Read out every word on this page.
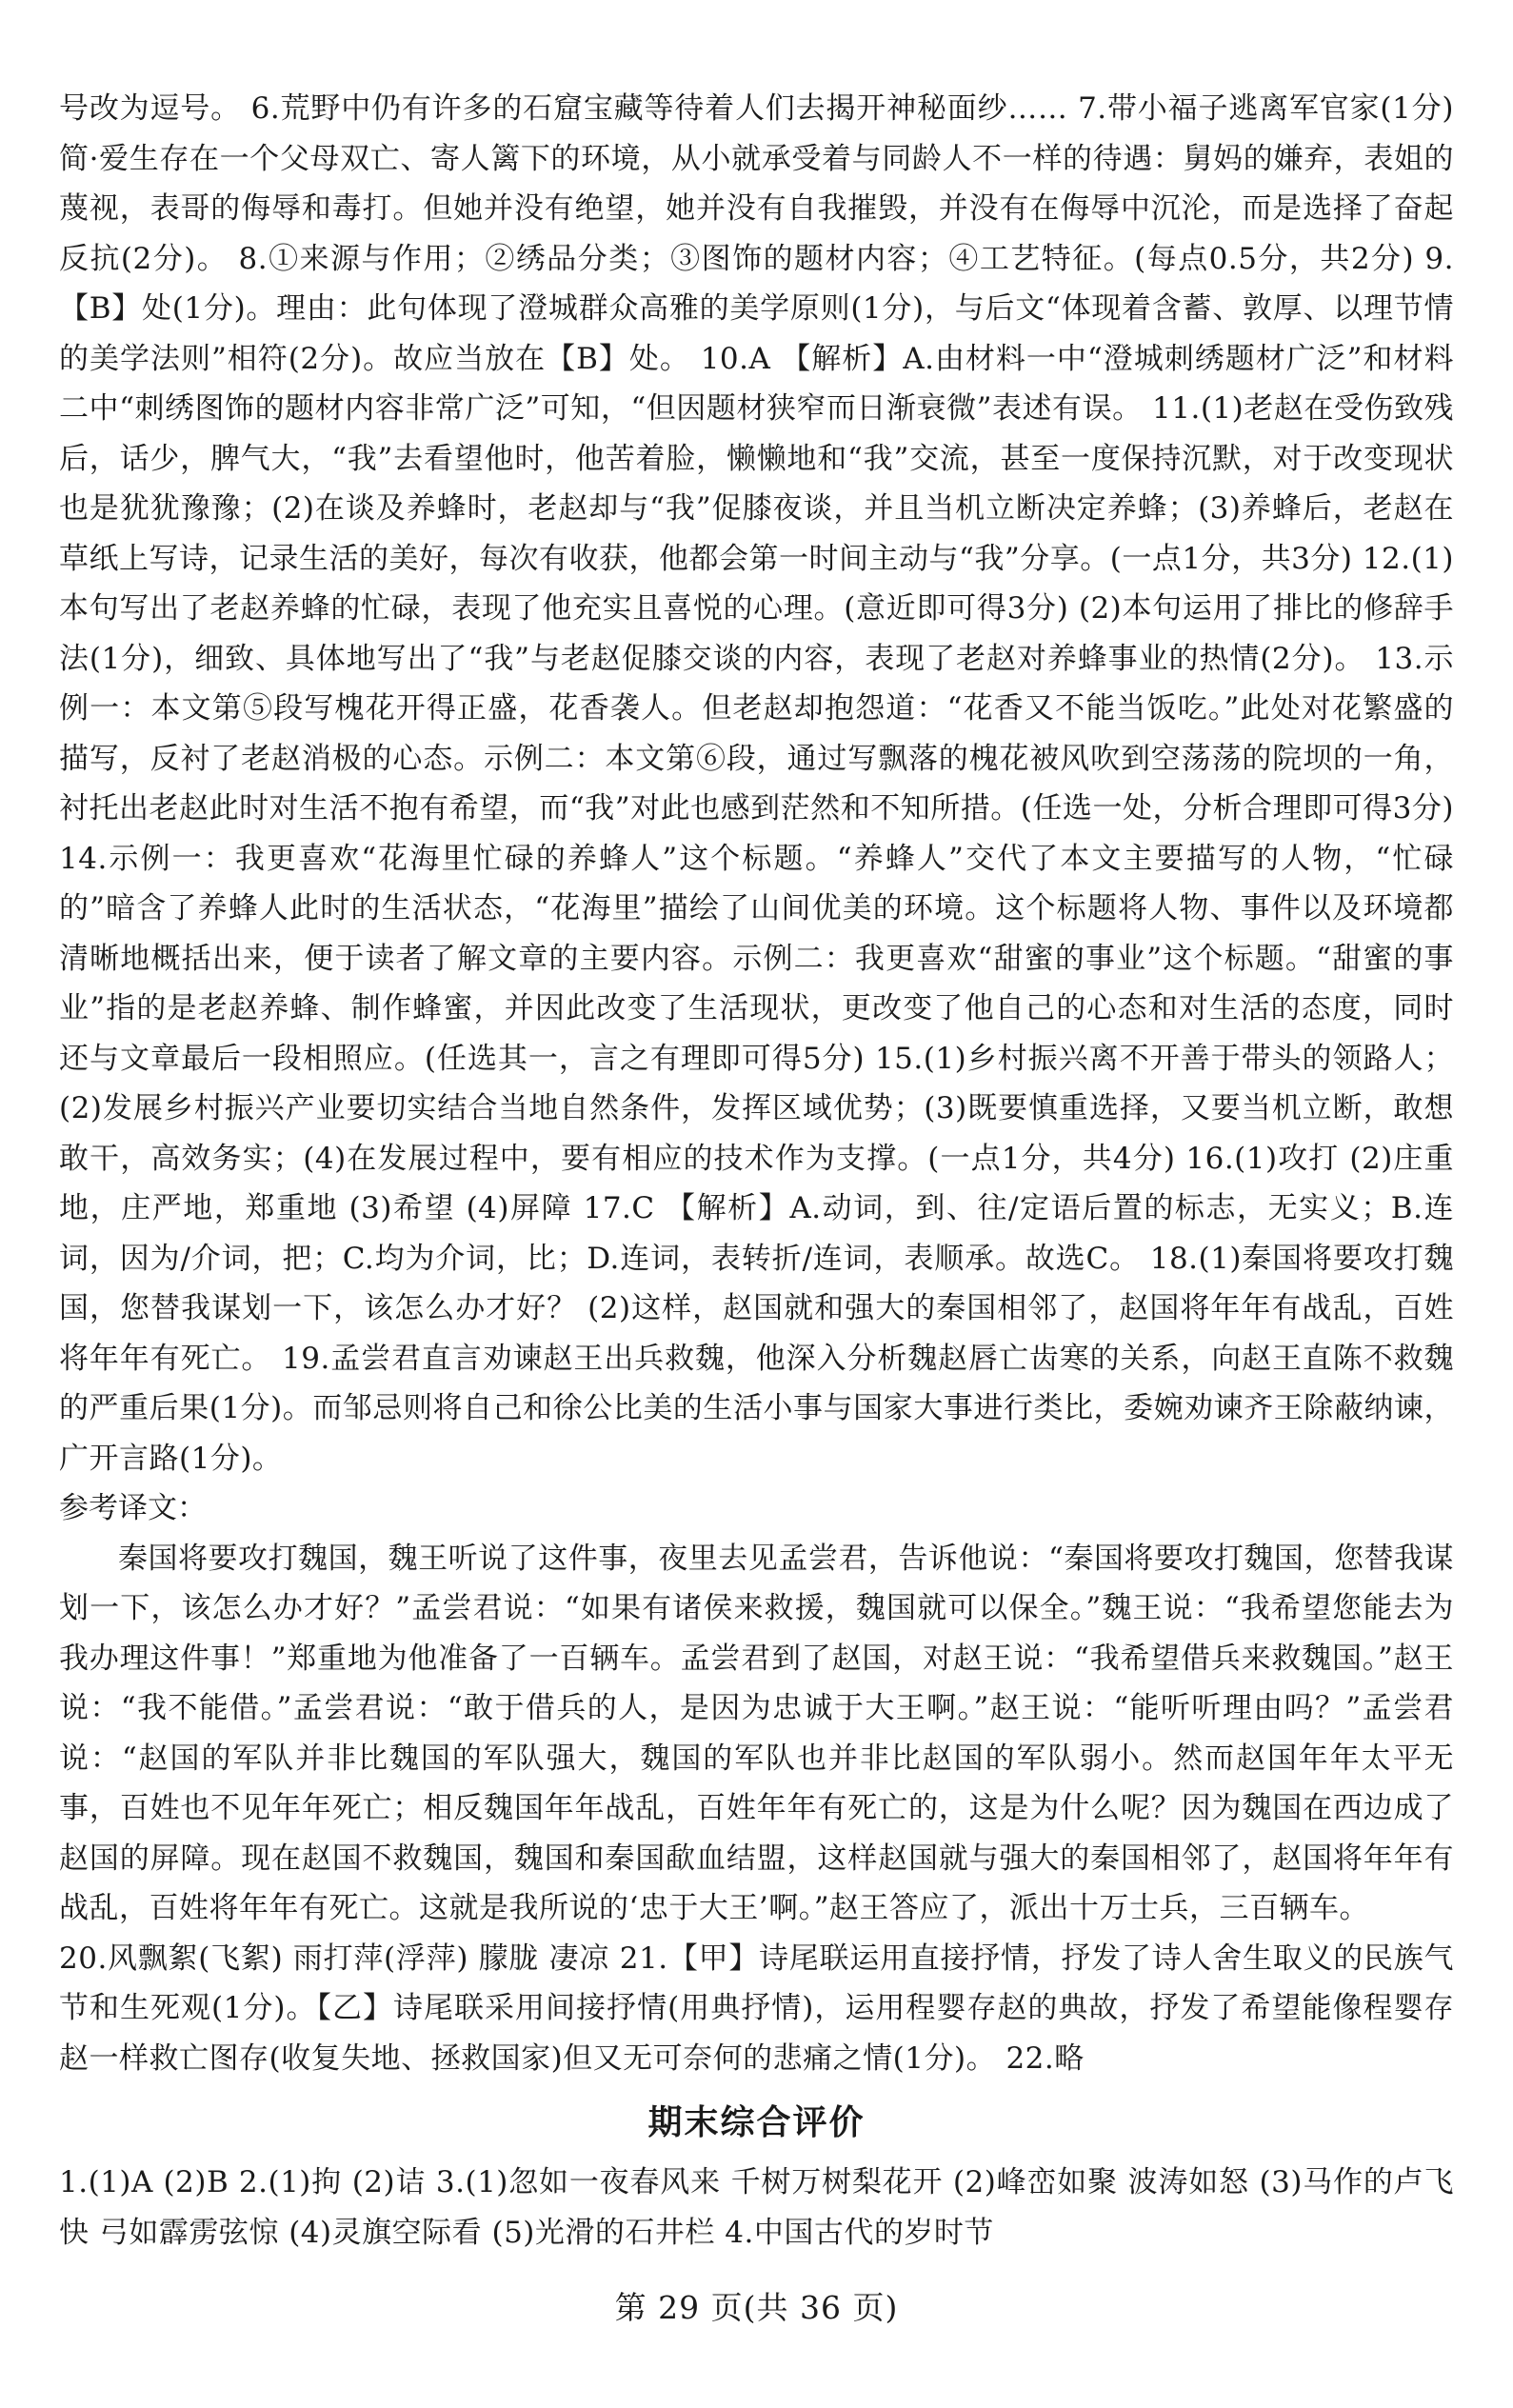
号改为逗号。 6.荒野中仍有许多的石窟宝藏等待着人们去揭开神秘面纱…… 7.带小福子逃离军官家(1分) 简·爱生存在一个父母双亡、寄人篱下的环境，从小就承受着与同龄人不一样的待遇：舅妈的嫌弃，表姐的蔑视，表哥的侮辱和毒打。但她并没有绝望，她并没有自我摧毁，并没有在侮辱中沉沦，而是选择了奋起反抗(2分)。 8.①来源与作用；②绣品分类；③图饰的题材内容；④工艺特征。(每点0.5分，共2分) 9.【B】处(1分)。理由：此句体现了澄城群众高雅的美学原则(1分)，与后文“体现着含蓄、敦厚、以理节情的美学法则”相符(2分)。故应当放在【B】处。 10.A 【解析】A.由材料一中“澄城刺绣题材广泛”和材料二中“刺绣图饰的题材内容非常广泛”可知，“但因题材狭窄而日渐衰微”表述有误。 11.(1)老赵在受伤致残后，话少，脾气大，“我”去看望他时，他苦着脸，懒懒地和“我”交流，甚至一度保持沉默，对于改变现状也是犹犹豫豫；(2)在谈及养蜂时，老赵却与“我”促膝夜谈，并且当机立断决定养蜂；(3)养蜂后，老赵在草纸上写诗，记录生活的美好，每次有收获，他都会第一时间主动与“我”分享。(一点1分，共3分) 12.(1)本句写出了老赵养蜂的忙碌，表现了他充实且喜悦的心理。(意近即可得3分) (2)本句运用了排比的修辞手法(1分)，细致、具体地写出了“我”与老赵促膝交谈的内容，表现了老赵对养蜂事业的热情(2分)。 13.示例一：本文第⑤段写槐花开得正盛，花香袭人。但老赵却抱怨道：“花香又不能当饭吃。”此处对花繁盛的描写，反衬了老赵消极的心态。示例二：本文第⑥段，通过写飘落的槐花被风吹到空荡荡的院坝的一角，衬托出老赵此时对生活不抱有希望，而“我”对此也感到茫然和不知所措。(任选一处，分析合理即可得3分) 14.示例一：我更喜欢“花海里忙碌的养蜂人”这个标题。“养蜂人”交代了本文主要描写的人物，“忙碌的”暗含了养蜂人此时的生活状态，“花海里”描绘了山间优美的环境。这个标题将人物、事件以及环境都清晰地概括出来，便于读者了解文章的主要内容。示例二：我更喜欢“甜蜜的事业”这个标题。“甜蜜的事业”指的是老赵养蜂、制作蜂蜜，并因此改变了生活现状，更改变了他自己的心态和对生活的态度，同时还与文章最后一段相照应。(任选其一，言之有理即可得5分) 15.(1)乡村振兴离不开善于带头的领路人；(2)发展乡村振兴产业要切实结合当地自然条件，发挥区域优势；(3)既要慎重选择，又要当机立断，敢想敢干，高效务实；(4)在发展过程中，要有相应的技术作为支撑。(一点1分，共4分) 16.(1)攻打 (2)庄重地，庄严地，郑重地 (3)希望 (4)屏障 17.C 【解析】A.动词，到、往/定语后置的标志，无实义；B.连词，因为/介词，把；C.均为介词，比；D.连词，表转折/连词，表顺承。故选C。 18.(1)秦国将要攻打魏国，您替我谋划一下，该怎么办才好？ (2)这样，赵国就和强大的秦国相邻了，赵国将年年有战乱，百姓将年年有死亡。 19.孟尝君直言劝谏赵王出兵救魏，他深入分析魏赵唇亡齿寒的关系，向赵王直陈不救魏的严重后果(1分)。而邹忌则将自己和徐公比美的生活小事与国家大事进行类比，委婉劝谏齐王除蔽纳谏，广开言路(1分)。

参考译文：

秦国将要攻打魏国，魏王听说了这件事，夜里去见孟尝君，告诉他说：“秦国将要攻打魏国，您替我谋划一下，该怎么办才好？”孟尝君说：“如果有诸侯来救援，魏国就可以保全。”魏王说：“我希望您能去为我办理这件事！”郑重地为他准备了一百辆车。孟尝君到了赵国，对赵王说：“我希望借兵来救魏国。”赵王说：“我不能借。”孟尝君说：“敢于借兵的人，是因为忠诚于大王啊。”赵王说：“能听听理由吗？”孟尝君说：“赵国的军队并非比魏国的军队强大，魏国的军队也并非比赵国的军队弱小。然而赵国年年太平无事，百姓也不见年年死亡；相反魏国年年战乱，百姓年年有死亡的，这是为什么呢？因为魏国在西边成了赵国的屏障。现在赵国不救魏国，魏国和秦国歃血结盟，这样赵国就与强大的秦国相邻了，赵国将年年有战乱，百姓将年年有死亡。这就是我所说的‘忠于大王’啊。”赵王答应了，派出十万士兵，三百辆车。

20.风飘絮(飞絮) 雨打萍(浮萍) 朦胧 凄凉 21.【甲】诗尾联运用直接抒情，抒发了诗人舍生取义的民族气节和生死观(1分)。【乙】诗尾联采用间接抒情(用典抒情)，运用程婴存赵的典故，抒发了希望能像程婴存赵一样救亡图存(收复失地、拯救国家)但又无可奈何的悲痛之情(1分)。 22.略

期末综合评价

1.(1)A (2)B 2.(1)拘 (2)诘 3.(1)忽如一夜春风来 千树万树梨花开 (2)峰峦如聚 波涛如怒 (3)马作的卢飞快 弓如霹雳弦惊 (4)灵旗空际看 (5)光滑的石井栏 4.中国古代的岁时节

第 29 页(共 36 页)
